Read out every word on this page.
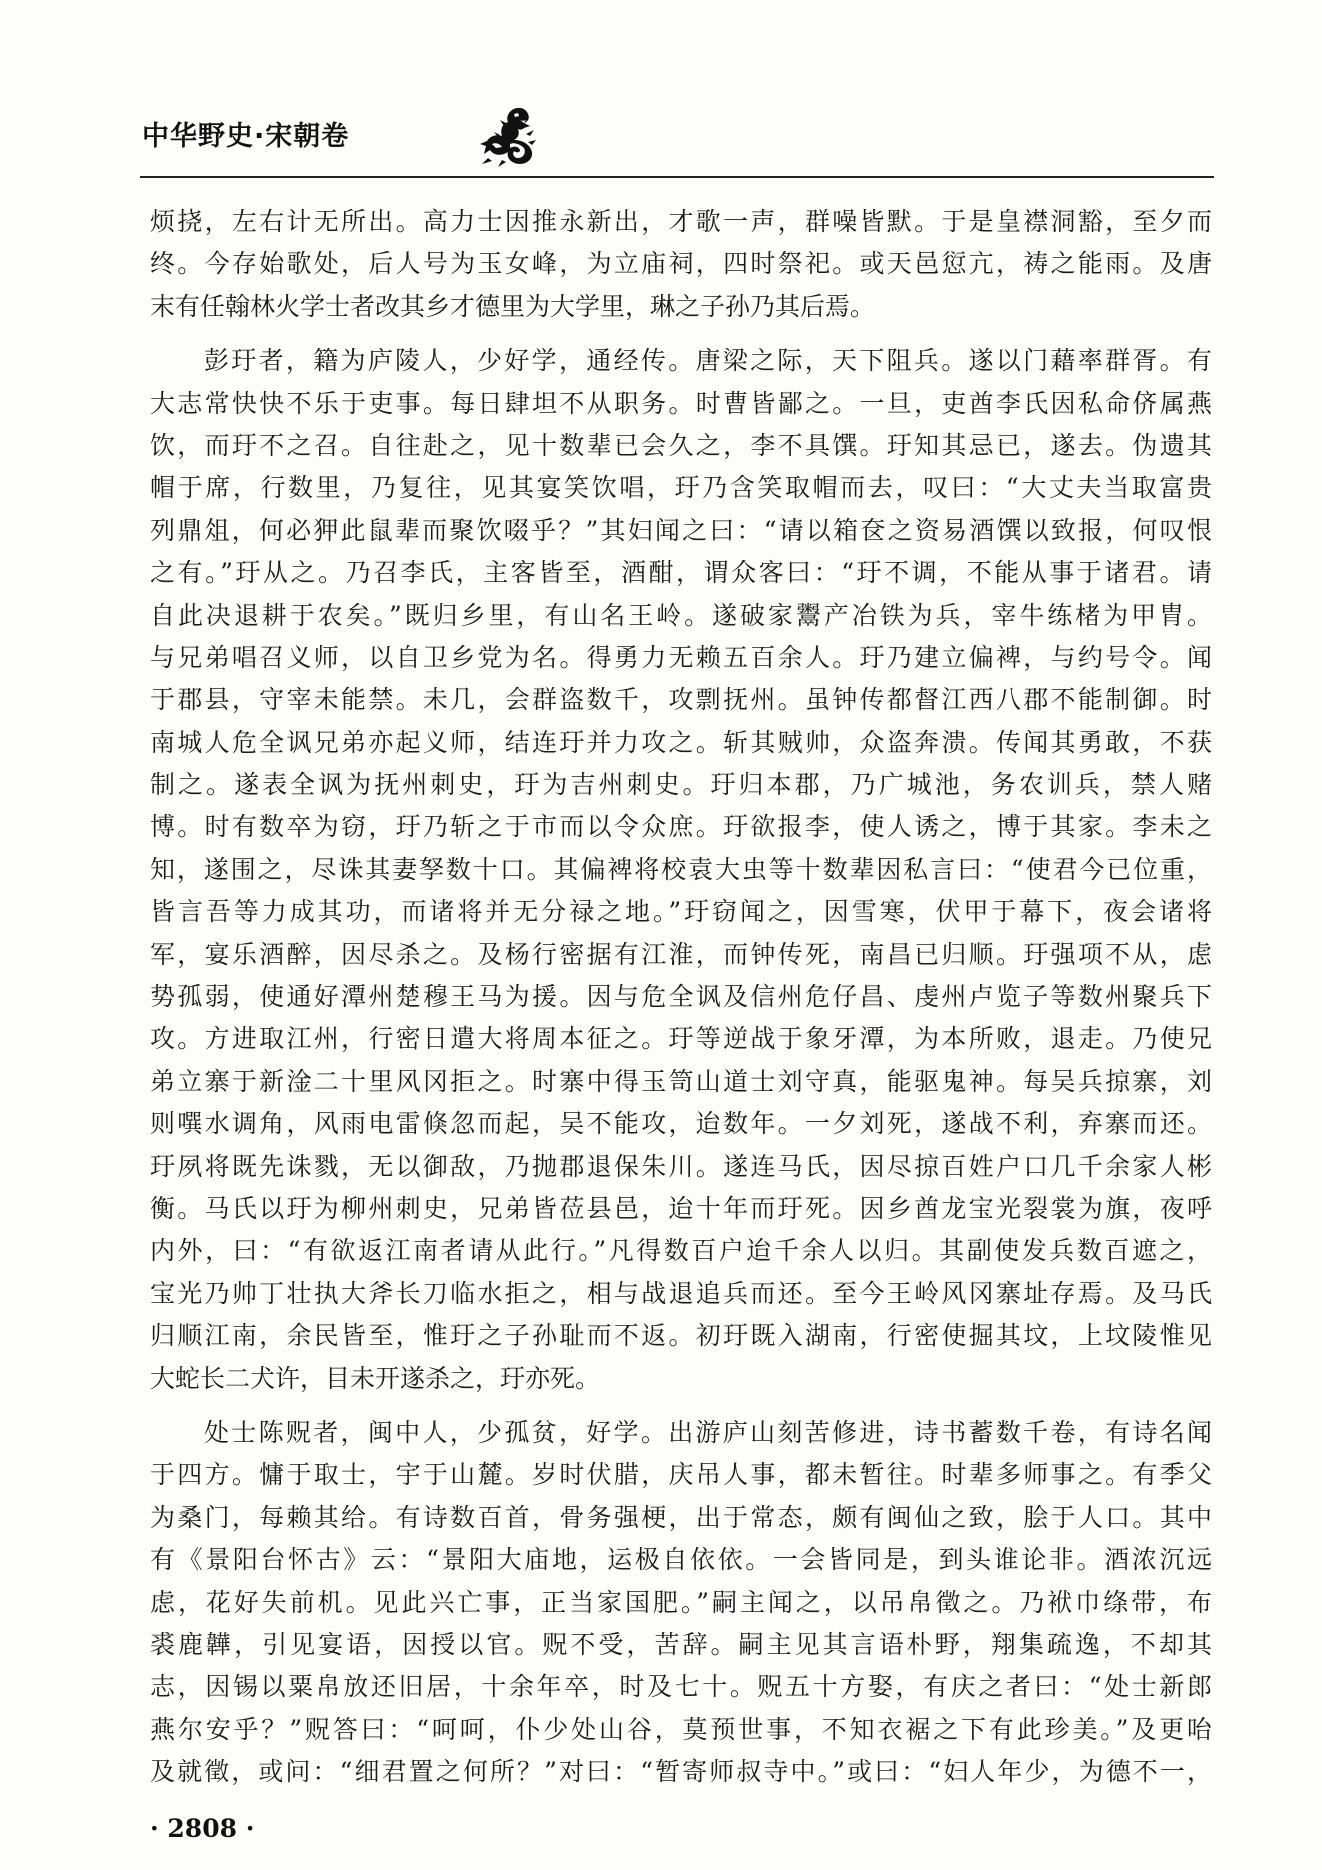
中华野史·宋朝卷
烦挠，左右计无所出。高力士因推永新出，才歌一声，群噪皆默。于是皇襟洞豁，至夕而
终。今存始歌处，后人号为玉女峰，为立庙祠，四时祭祀。或天邑愆亢，祷之能雨。及唐
末有任翰林火学士者改其乡才德里为大学里，琳之子孙乃其后焉。
彭玗者，籍为庐陵人，少好学，通经传。唐梁之际，天下阻兵。遂以门藉率群胥。有
大志常快快不乐于吏事。每日肆坦不从职务。时曹皆鄙之。一旦，吏酋李氏因私命侪属燕
饮，而玗不之召。自往赴之，见十数辈已会久之，李不具馔。玗知其忌已，遂去。伪遗其
帽于席，行数里，乃复往，见其宴笑饮唱，玗乃含笑取帽而去，叹曰：“大丈夫当取富贵
列鼎俎，何必狎此鼠辈而聚饮啜乎？”其妇闻之曰：“请以箱奁之资易酒馔以致报，何叹恨
之有。”玗从之。乃召李氏，主客皆至，酒酣，谓众客曰：“玗不调，不能从事于诸君。请
自此决退耕于农矣。”既归乡里，有山名王岭。遂破家鬻产冶铁为兵，宰牛练楮为甲胄。
与兄弟唱召义师，以自卫乡党为名。得勇力无赖五百余人。玗乃建立偏裨，与约号令。闻
于郡县，守宰未能禁。未几，会群盗数千，攻剽抚州。虽钟传都督江西八郡不能制御。时
南城人危全讽兄弟亦起义师，结连玗并力攻之。斩其贼帅，众盗奔溃。传闻其勇敢，不获
制之。遂表全讽为抚州刺史，玗为吉州刺史。玗归本郡，乃广城池，务农训兵，禁人赌
博。时有数卒为窃，玗乃斩之于市而以令众庶。玗欲报李，使人诱之，博于其家。李未之
知，遂围之，尽诛其妻孥数十口。其偏裨将校袁大虫等十数辈因私言曰：“使君今已位重，
皆言吾等力成其功，而诸将并无分禄之地。”玗窃闻之，因雪寒，伏甲于幕下，夜会诸将
军，宴乐酒醉，因尽杀之。及杨行密据有江淮，而钟传死，南昌已归顺。玗强项不从，虑
势孤弱，使通好潭州楚穆王马为援。因与危全讽及信州危仔昌、虔州卢览子等数州聚兵下
攻。方进取江州，行密日遣大将周本征之。玗等逆战于象牙潭，为本所败，退走。乃使兄
弟立寨于新淦二十里风冈拒之。时寨中得玉笥山道士刘守真，能驱鬼神。每吴兵掠寨，刘
则噀水调角，风雨电雷倏忽而起，吴不能攻，迨数年。一夕刘死，遂战不利，弃寨而还。
玗夙将既先诛戮，无以御敌，乃抛郡退保朱川。遂连马氏，因尽掠百姓户口几千余家人彬
衡。马氏以玗为柳州刺史，兄弟皆莅县邑，迨十年而玗死。因乡酋龙宝光裂裳为旗，夜呼
内外，曰：“有欲返江南者请从此行。”凡得数百户迨千余人以归。其副使发兵数百遮之，
宝光乃帅丁壮执大斧长刀临水拒之，相与战退追兵而还。至今王岭风冈寨址存焉。及马氏
归顺江南，余民皆至，惟玗之子孙耻而不返。初玗既入湖南，行密使掘其坟，上坟陵惟见
大蛇长二犬许，目未开遂杀之，玗亦死。
处士陈贶者，闽中人，少孤贫，好学。出游庐山刻苦修进，诗书蓄数千卷，有诗名闻
于四方。慵于取士，宇于山麓。岁时伏腊，庆吊人事，都未暂往。时辈多师事之。有季父
为桑门，每赖其给。有诗数百首，骨务强梗，出于常态，颇有闽仙之致，脍于人口。其中
有《景阳台怀古》云：“景阳大庙地，运极自依依。一会皆同是，到头谁论非。酒浓沉远
虑，花好失前机。见此兴亡事，正当家国肥。”嗣主闻之，以吊帛徵之。乃袱巾绦带，布
裘鹿韡，引见宴语，因授以官。贶不受，苦辞。嗣主见其言语朴野，翔集疏逸，不却其
志，因锡以粟帛放还旧居，十余年卒，时及七十。贶五十方娶，有庆之者曰：“处士新郎
燕尔安乎？”贶答曰：“呵呵，仆少处山谷，莫预世事，不知衣裾之下有此珍美。”及更咍
及就徵，或问：“细君置之何所？”对曰：“暂寄师叔寺中。”或曰：“妇人年少，为德不一，
· 2808 ·
